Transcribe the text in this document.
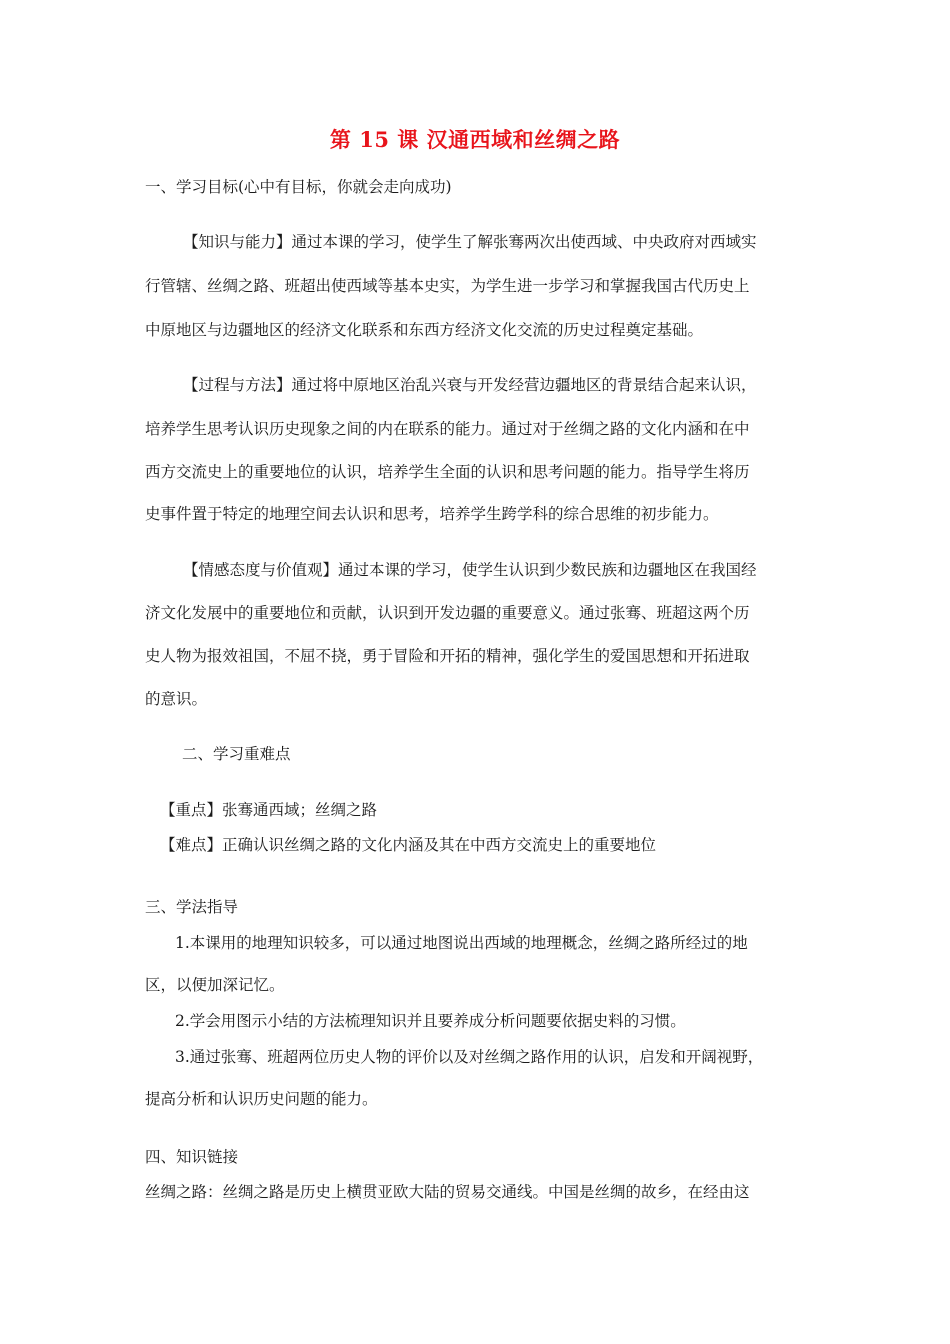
第 15 课 汉通西域和丝绸之路
一、学习目标(心中有目标，你就会走向成功)
【知识与能力】通过本课的学习，使学生了解张骞两次出使西域、中央政府对西域实
行管辖、丝绸之路、班超出使西域等基本史实，为学生进一步学习和掌握我国古代历史上
中原地区与边疆地区的经济文化联系和东西方经济文化交流的历史过程奠定基础。
【过程与方法】通过将中原地区治乱兴衰与开发经营边疆地区的背景结合起来认识，
培养学生思考认识历史现象之间的内在联系的能力。通过对于丝绸之路的文化内涵和在中
西方交流史上的重要地位的认识，培养学生全面的认识和思考问题的能力。指导学生将历
史事件置于特定的地理空间去认识和思考，培养学生跨学科的综合思维的初步能力。
【情感态度与价值观】通过本课的学习，使学生认识到少数民族和边疆地区在我国经
济文化发展中的重要地位和贡献，认识到开发边疆的重要意义。通过张骞、班超这两个历
史人物为报效祖国，不屈不挠，勇于冒险和开拓的精神，强化学生的爱国思想和开拓进取
的意识。
二、学习重难点
【重点】张骞通西域；丝绸之路
【难点】正确认识丝绸之路的文化内涵及其在中西方交流史上的重要地位
三、学法指导
1.本课用的地理知识较多，可以通过地图说出西域的地理概念，丝绸之路所经过的地
区，以便加深记忆。
2.学会用图示小结的方法梳理知识并且要养成分析问题要依据史料的习惯。
3.通过张骞、班超两位历史人物的评价以及对丝绸之路作用的认识，启发和开阔视野，
提高分析和认识历史问题的能力。
四、知识链接
丝绸之路：丝绸之路是历史上横贯亚欧大陆的贸易交通线。中国是丝绸的故乡，在经由这
